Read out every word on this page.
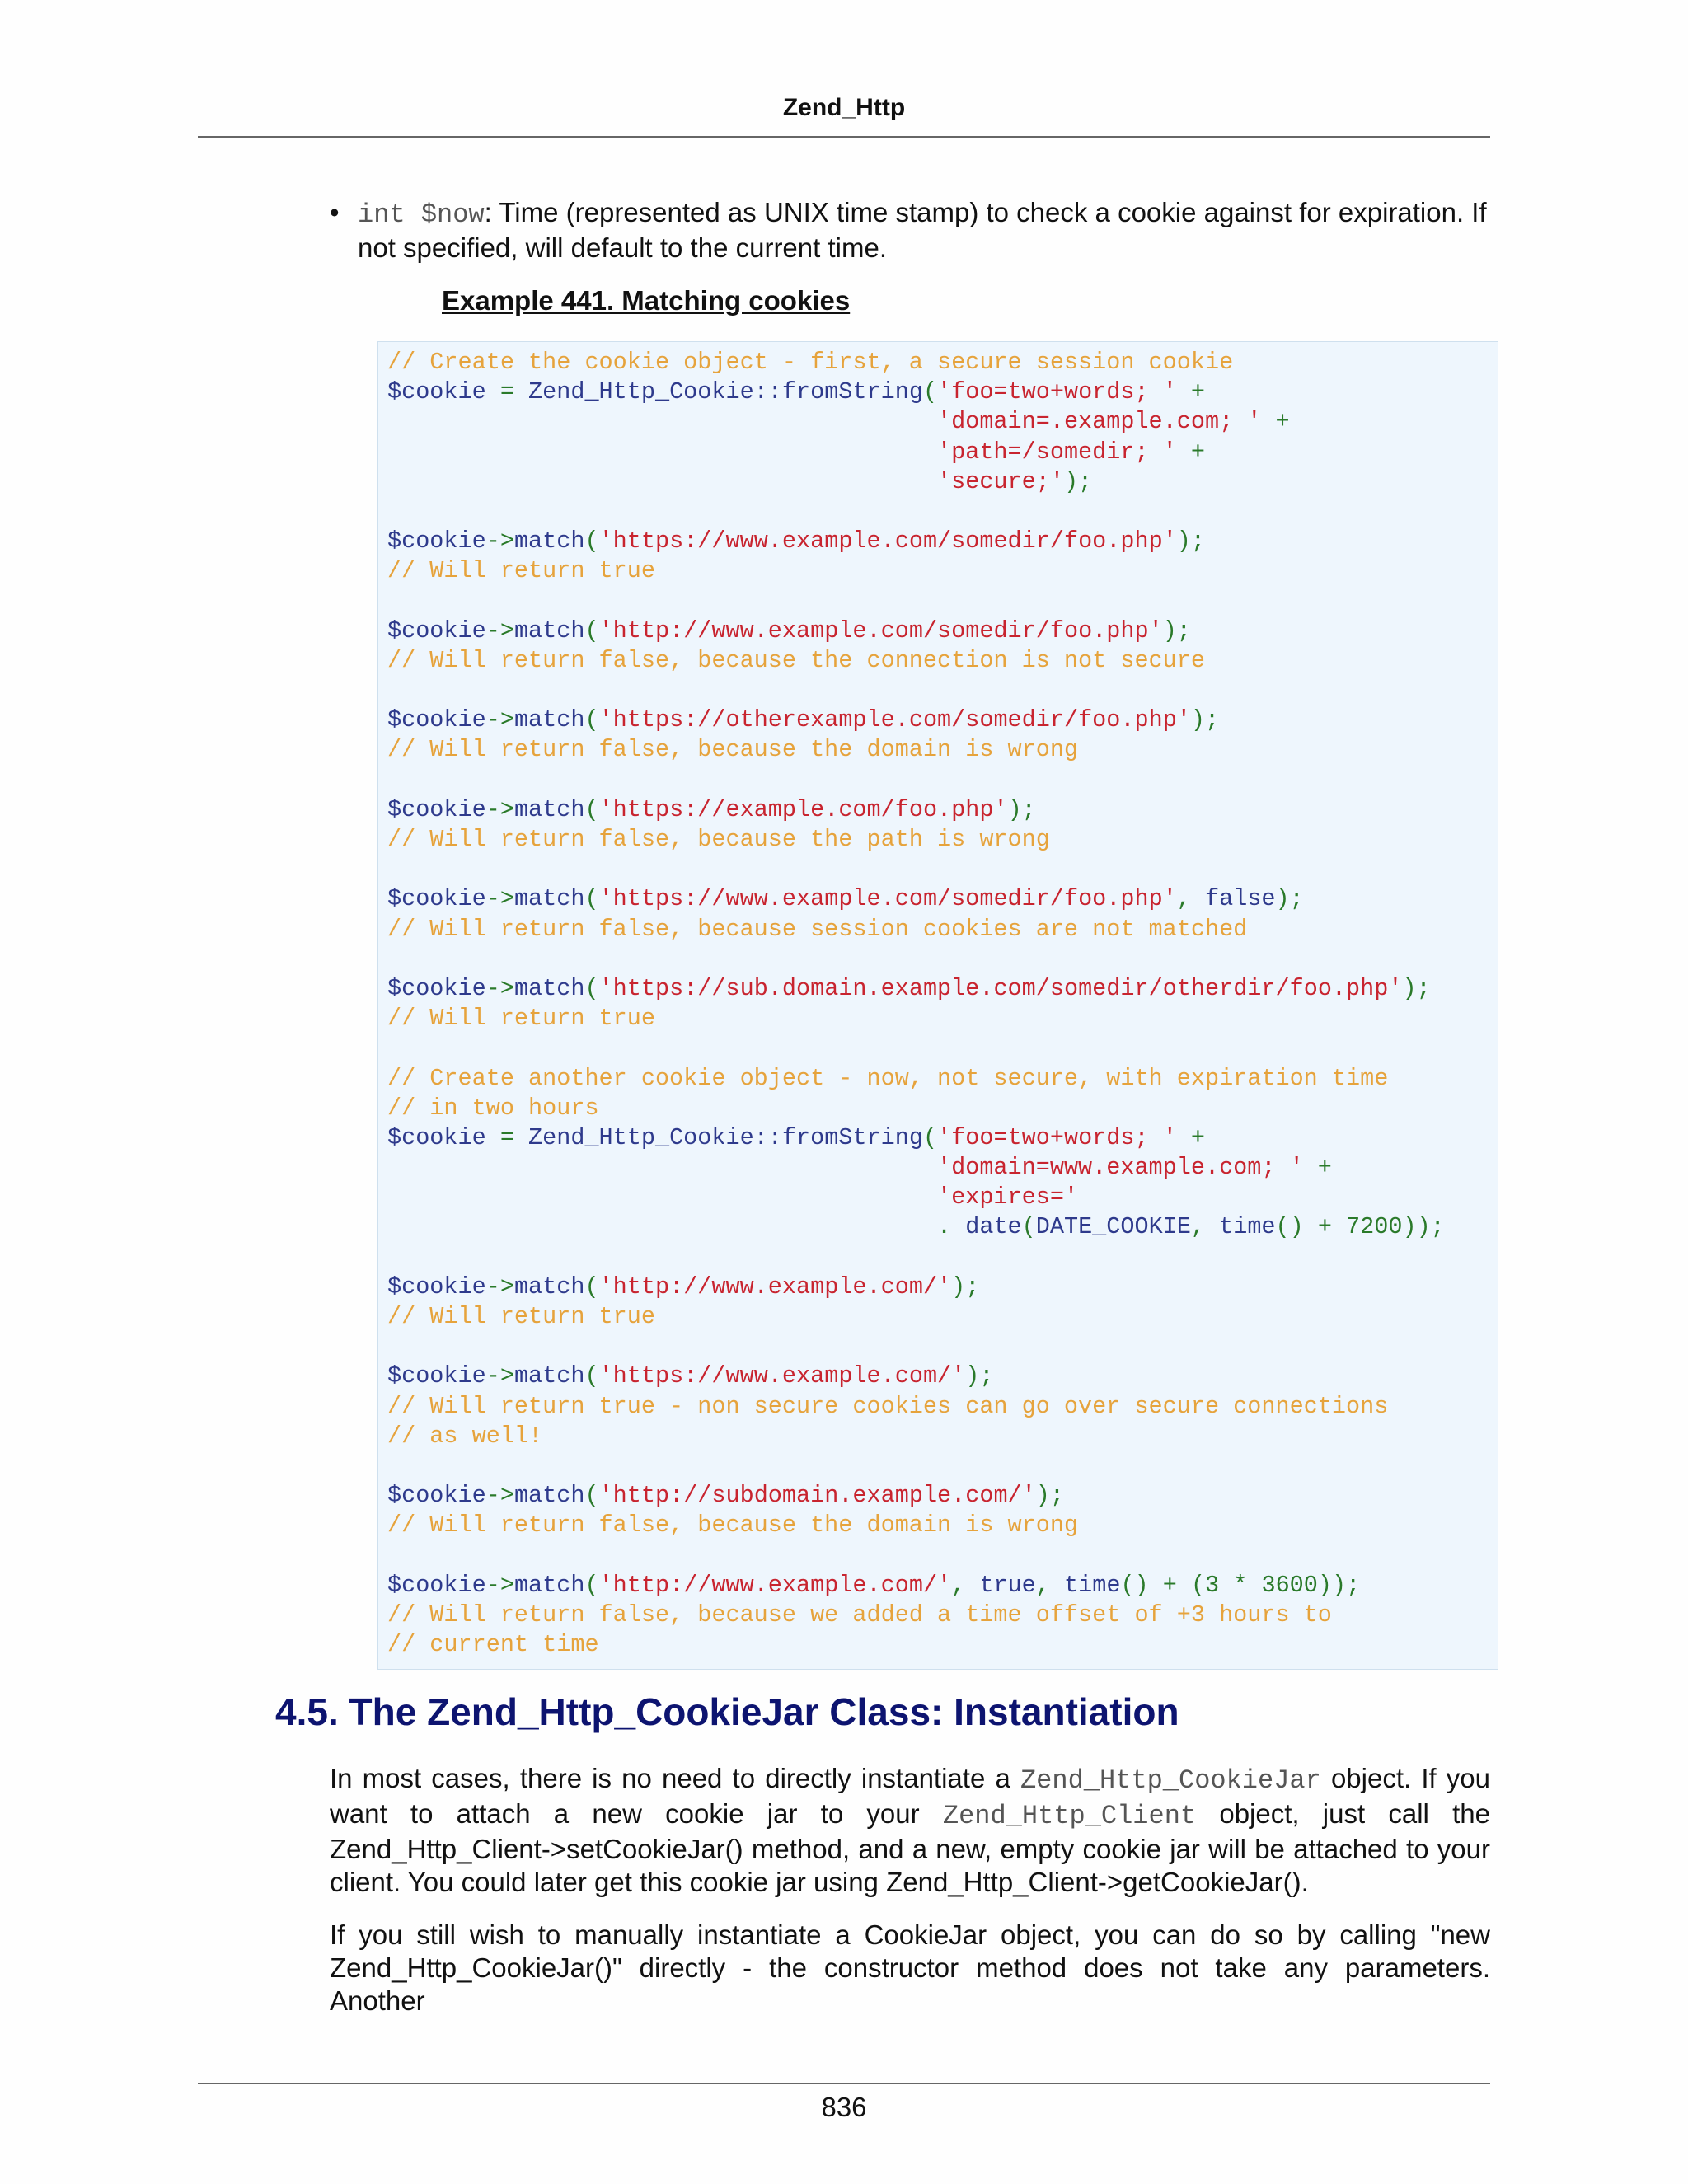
Zend_Http
• int $now: Time (represented as UNIX time stamp) to check a cookie against for expiration. If not specified, will default to the current time.
Example 441. Matching cookies
// Create the cookie object - first, a secure session cookie
$cookie = Zend_Http_Cookie::fromString('foo=two+words; ' +
'domain=.example.com; ' +
'path=/somedir; ' +
'secure;');
$cookie->match('https://www.example.com/somedir/foo.php');
// Will return true
$cookie->match('http://www.example.com/somedir/foo.php');
// Will return false, because the connection is not secure
$cookie->match('https://otherexample.com/somedir/foo.php');
// Will return false, because the domain is wrong
$cookie->match('https://example.com/foo.php');
// Will return false, because the path is wrong
$cookie->match('https://www.example.com/somedir/foo.php', false);
// Will return false, because session cookies are not matched
$cookie->match('https://sub.domain.example.com/somedir/otherdir/foo.php');
// Will return true
// Create another cookie object - now, not secure, with expiration time
// in two hours
$cookie = Zend_Http_Cookie::fromString('foo=two+words; ' +
'domain=www.example.com; ' +
'expires='
. date(DATE_COOKIE, time() + 7200));
$cookie->match('http://www.example.com/');
// Will return true
$cookie->match('https://www.example.com/');
// Will return true - non secure cookies can go over secure connections
// as well!
$cookie->match('http://subdomain.example.com/');
// Will return false, because the domain is wrong
$cookie->match('http://www.example.com/', true, time() + (3 * 3600));
// Will return false, because we added a time offset of +3 hours to
// current time
4.5. The Zend_Http_CookieJar Class: Instantiation
In most cases, there is no need to directly instantiate a Zend_Http_CookieJar object. If you want to attach a new cookie jar to your Zend_Http_Client object, just call the Zend_Http_Client->setCookieJar() method, and a new, empty cookie jar will be attached to your client. You could later get this cookie jar using Zend_Http_Client->getCookieJar().
If you still wish to manually instantiate a CookieJar object, you can do so by calling "new Zend_Http_CookieJar()" directly - the constructor method does not take any parameters. Another
836
